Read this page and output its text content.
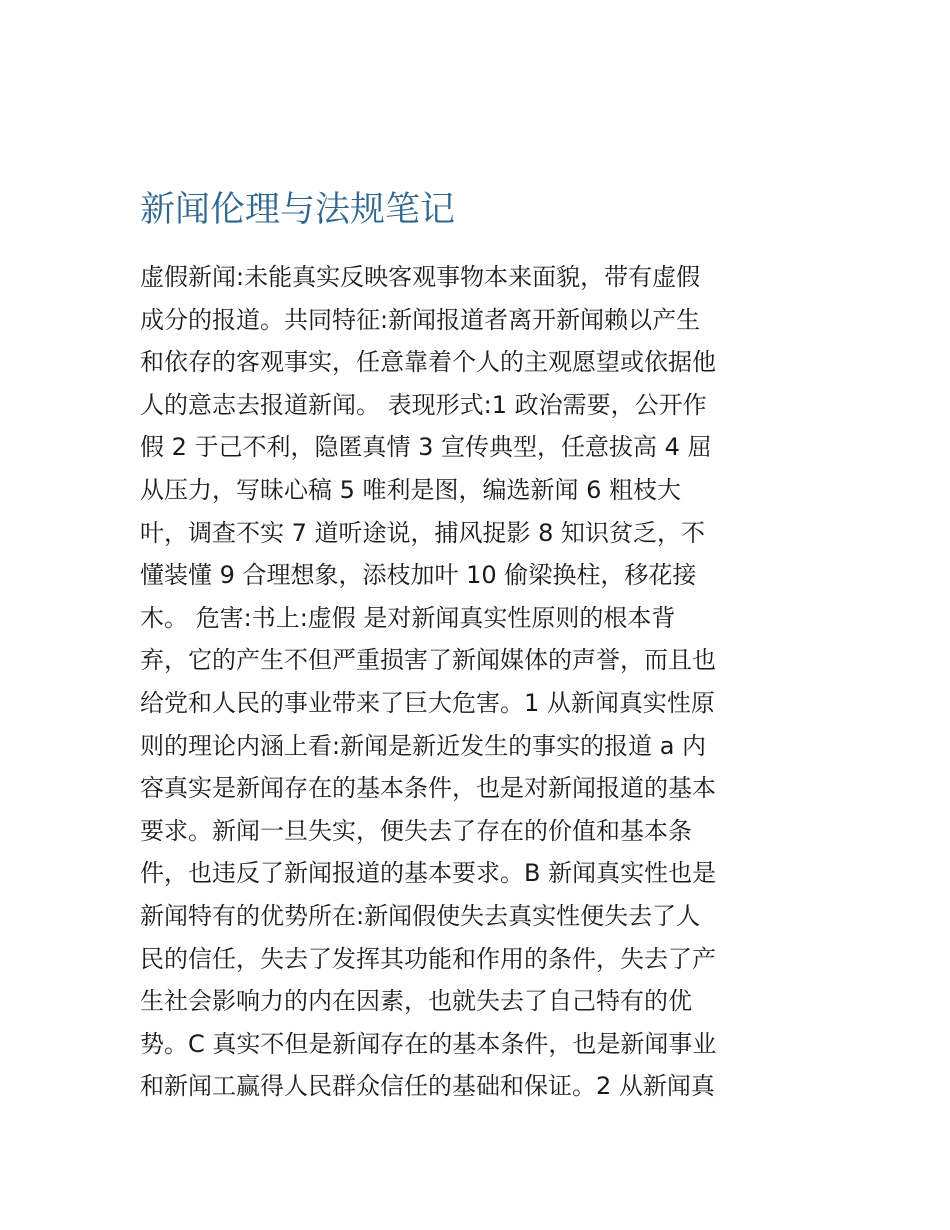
新闻伦理与法规笔记
虚假新闻:未能真实反映客观事物本来面貌，带有虚假
成分的报道。共同特征:新闻报道者离开新闻赖以产生
和依存的客观事实，任意靠着个人的主观愿望或依据他
人的意志去报道新闻。 表现形式:1 政治需要，公开作
假 2 于己不利，隐匿真情 3 宣传典型，任意拔高 4 屈
从压力，写昧心稿 5 唯利是图，编选新闻 6 粗枝大
叶，调查不实 7 道听途说，捕风捉影 8 知识贫乏，不
懂装懂 9 合理想象，添枝加叶 10 偷梁换柱，移花接
木。 危害:书上:虚假 是对新闻真实性原则的根本背
弃，它的产生不但严重损害了新闻媒体的声誉，而且也
给党和人民的事业带来了巨大危害。1 从新闻真实性原
则的理论内涵上看:新闻是新近发生的事实的报道 a 内
容真实是新闻存在的基本条件，也是对新闻报道的基本
要求。新闻一旦失实，便失去了存在的价值和基本条
件，也违反了新闻报道的基本要求。B 新闻真实性也是
新闻特有的优势所在:新闻假使失去真实性便失去了人
民的信任，失去了发挥其功能和作用的条件，失去了产
生社会影响力的内在因素，也就失去了自己特有的优
势。C 真实不但是新闻存在的基本条件，也是新闻事业
和新闻工赢得人民群众信任的基础和保证。2 从新闻真
